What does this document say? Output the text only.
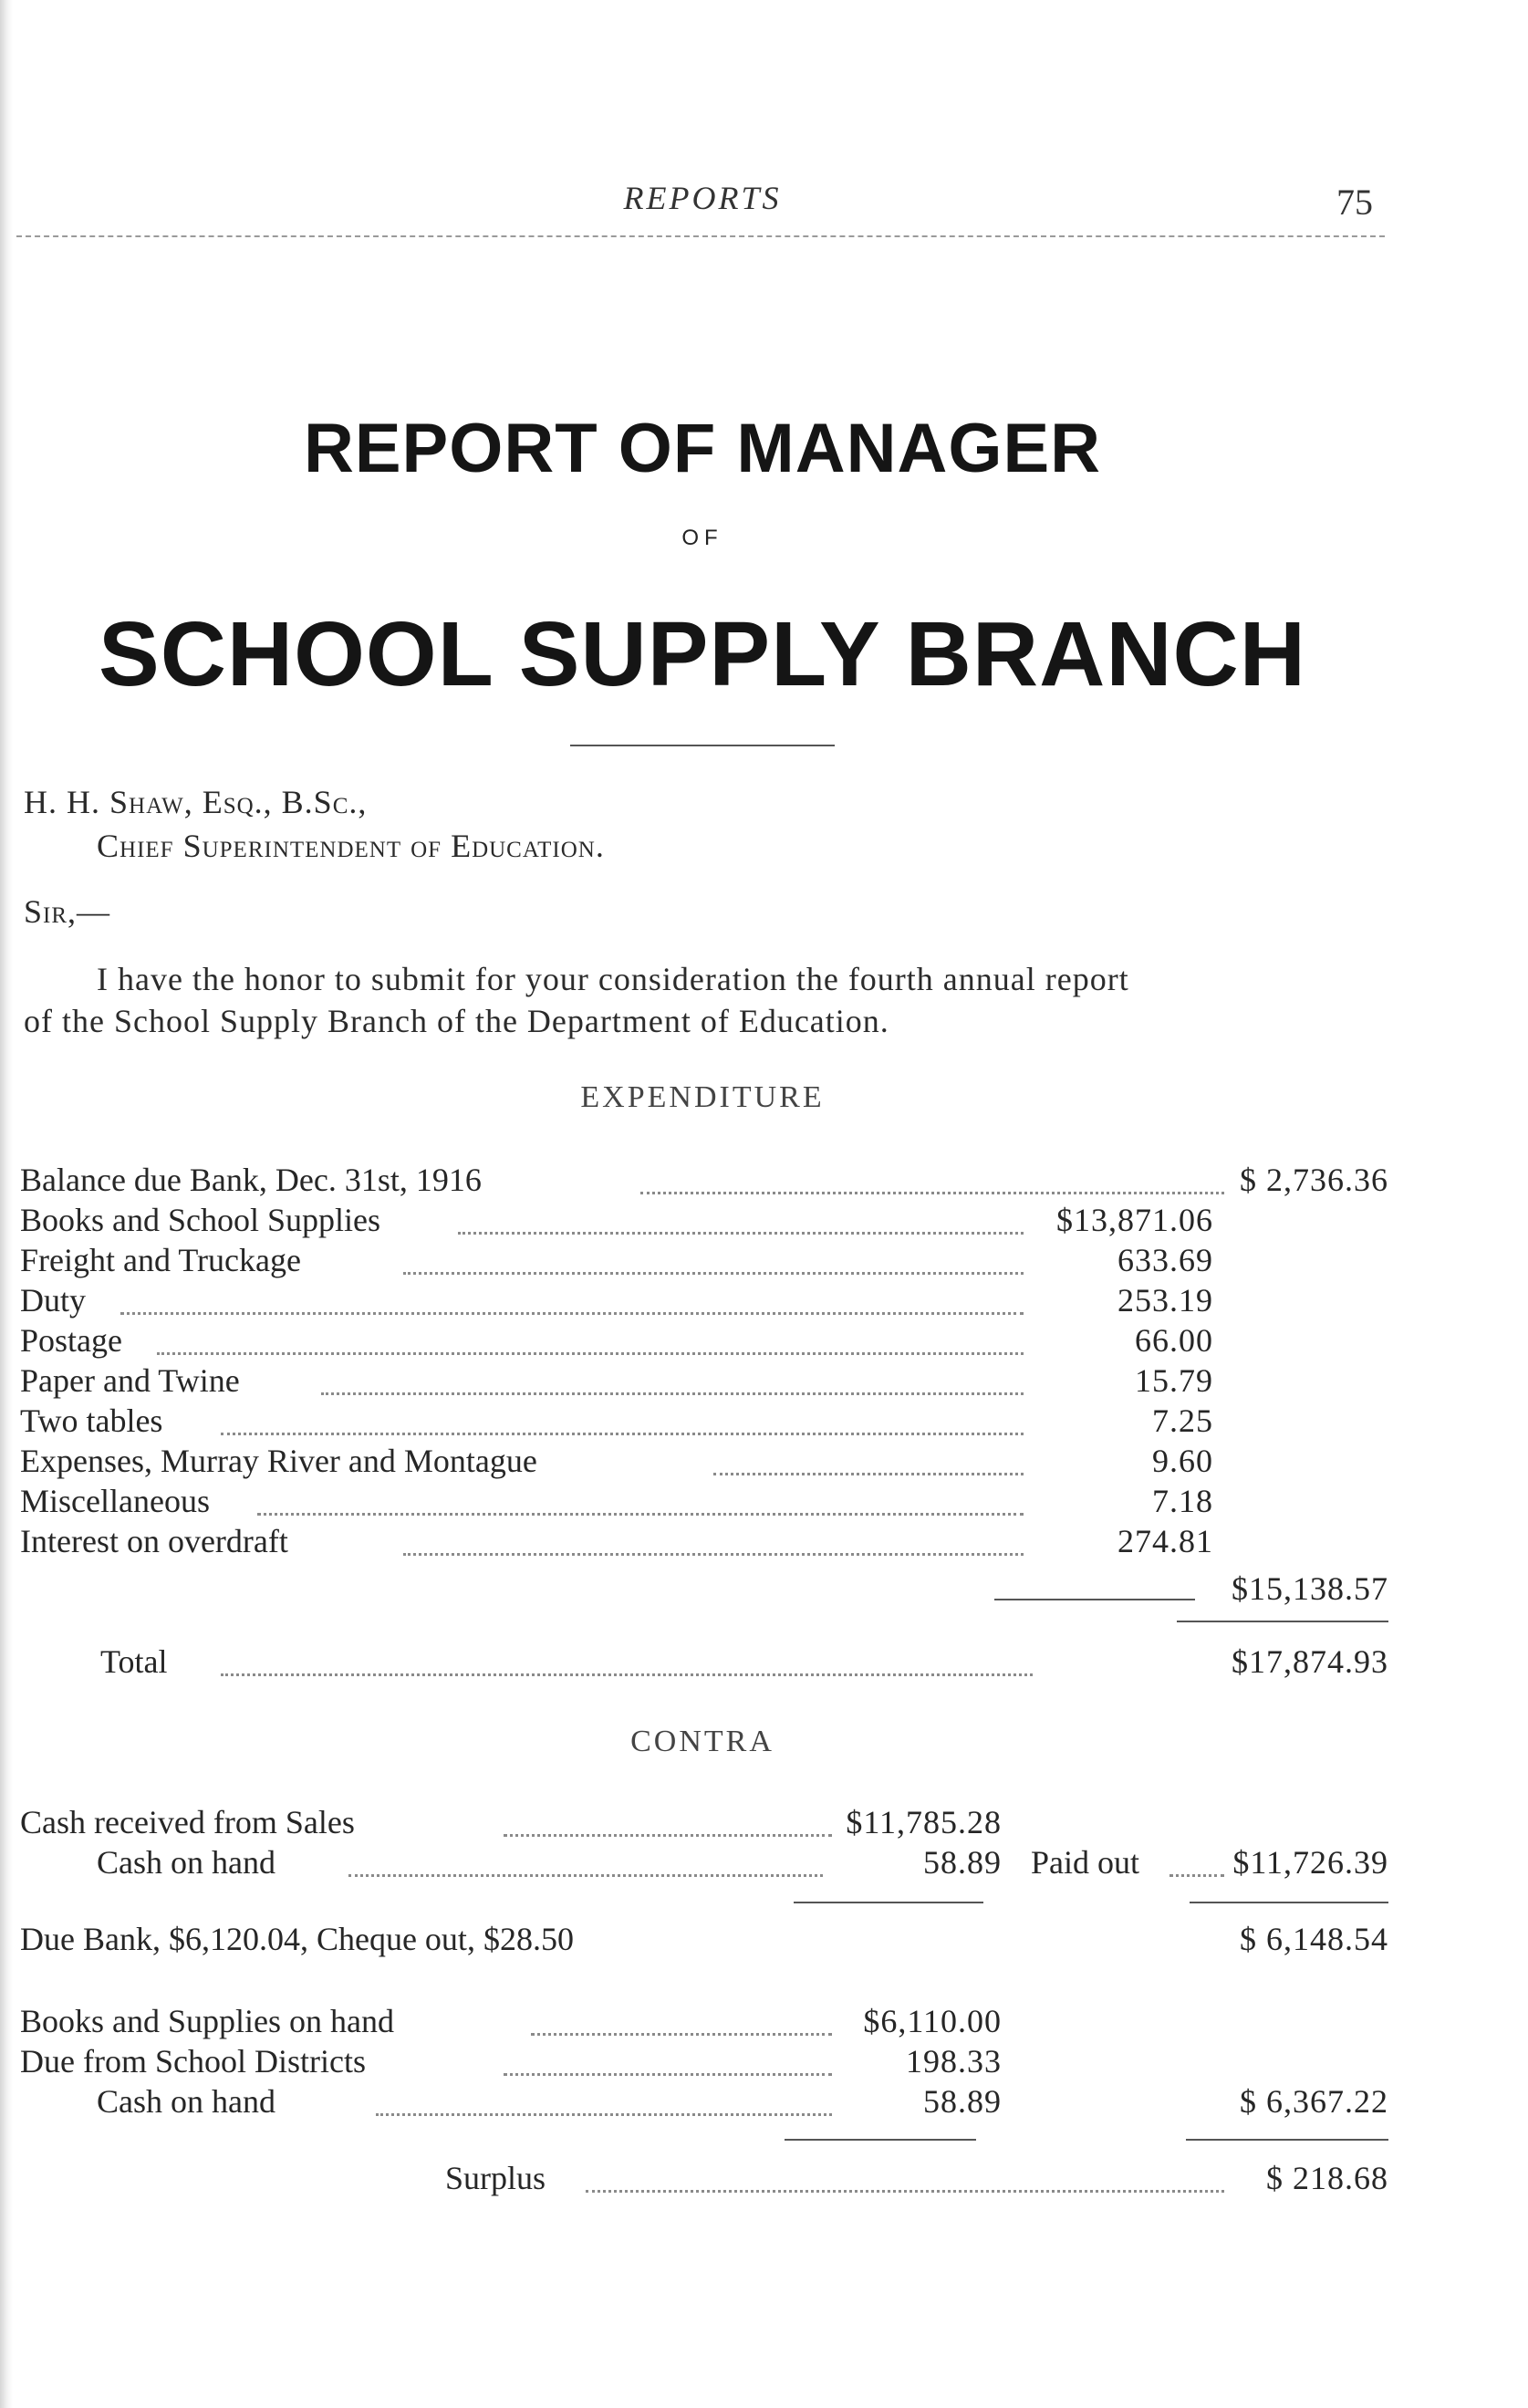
REPORTS	75
REPORT OF MANAGER
OF
SCHOOL SUPPLY BRANCH
H. H. Shaw, Esq., B.Sc.,
Chief Superintendent of Education.
Sir,—
I have the honor to submit for your consideration the fourth annual report
of the School Supply Branch of the Department of Education.
EXPENDITURE
Balance due Bank, Dec. 31st, 1916	$ 2,736.36
Books and School Supplies	$13,871.06
Freight and Truckage	633.69
Duty	253.19
Postage	66.00
Paper and Twine	15.79
Two tables	7.25
Expenses, Murray River and Montague	9.60
Miscellaneous	7.18
Interest on overdraft	274.81
$15,138.57
Total	$17,874.93
CONTRA
Cash received from Sales	$11,785.28
Cash on hand	58.89 Paid out	$11,726.39
Due Bank, $6,120.04, Cheque out, $28.50	$ 6,148.54
Books and Supplies on hand	$6,110.00
Due from School Districts	198.33
Cash on hand	58.89	$ 6,367.22
Surplus	$ 218.68
